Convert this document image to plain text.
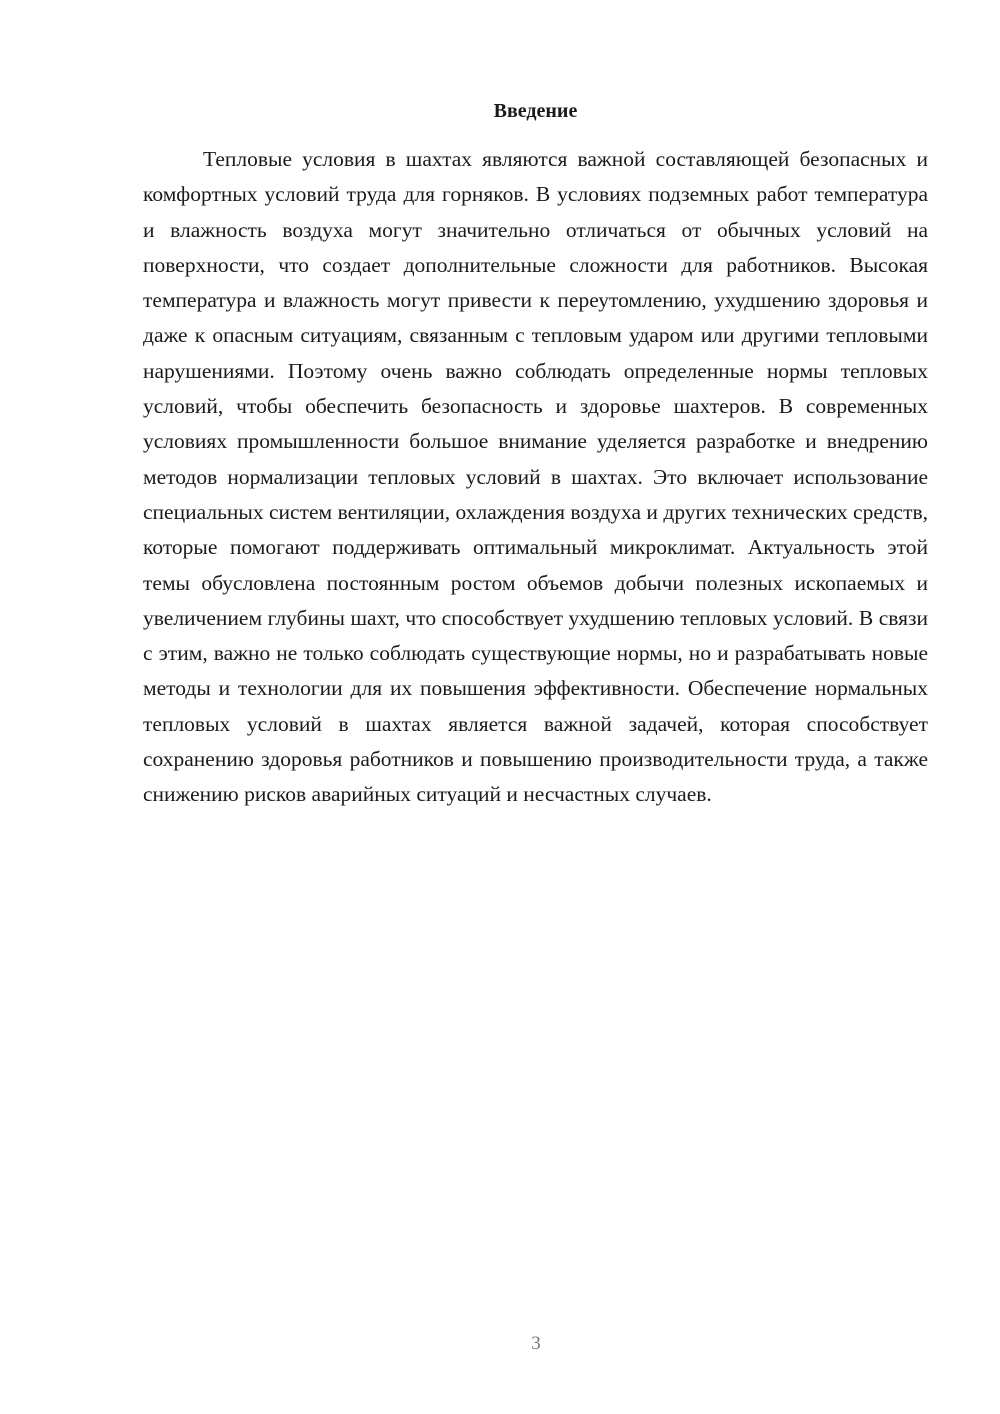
Введение

Тепловые условия в шахтах являются важной составляющей безопасных и комфортных условий труда для горняков. В условиях подземных работ температура и влажность воздуха могут значительно отличаться от обычных условий на поверхности, что создает дополнительные сложности для работников. Высокая температура и влажность могут привести к переутомлению, ухудшению здоровья и даже к опасным ситуациям, связанным с тепловым ударом или другими тепловыми нарушениями. Поэтому очень важно соблюдать определенные нормы тепловых условий, чтобы обеспечить безопасность и здоровье шахтеров. В современных условиях промышленности большое внимание уделяется разработке и внедрению методов нормализации тепловых условий в шахтах. Это включает использование специальных систем вентиляции, охлаждения воздуха и других технических средств, которые помогают поддерживать оптимальный микроклимат. Актуальность этой темы обусловлена постоянным ростом объемов добычи полезных ископаемых и увеличением глубины шахт, что способствует ухудшению тепловых условий. В связи с этим, важно не только соблюдать существующие нормы, но и разрабатывать новые методы и технологии для их повышения эффективности. Обеспечение нормальных тепловых условий в шахтах является важной задачей, которая способствует сохранению здоровья работников и повышению производительности труда, а также снижению рисков аварийных ситуаций и несчастных случаев.

3
